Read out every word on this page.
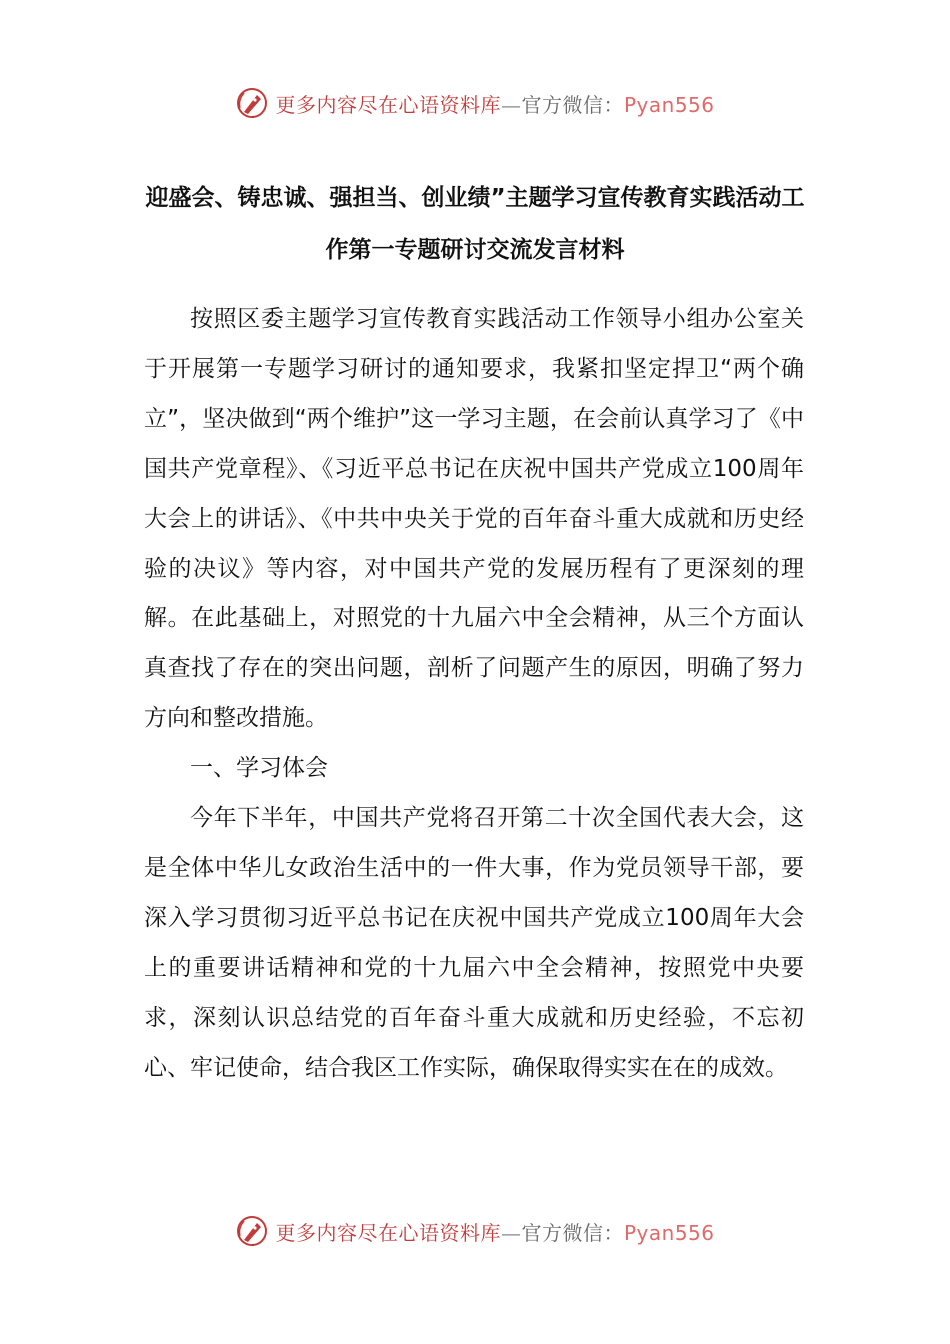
更多内容尽在心语资料库—官方微信：Pyan556
迎盛会、铸忠诚、强担当、创业绩”主题学习宣传教育实践活动工作第一专题研讨交流发言材料

按照区委主题学习宣传教育实践活动工作领导小组办公室关于开展第一专题学习研讨的通知要求，我紧扣坚定捍卫“两个确立”，坚决做到“两个维护”这一学习主题，在会前认真学习了《中国共产党章程》、《习近平总书记在庆祝中国共产党成立100周年大会上的讲话》、《中共中央关于党的百年奋斗重大成就和历史经验的决议》等内容，对中国共产党的发展历程有了更深刻的理解。在此基础上，对照党的十九届六中全会精神，从三个方面认真查找了存在的突出问题，剖析了问题产生的原因，明确了努力方向和整改措施。

一、学习体会

今年下半年，中国共产党将召开第二十次全国代表大会，这是全体中华儿女政治生活中的一件大事，作为党员领导干部，要深入学习贯彻习近平总书记在庆祝中国共产党成立100周年大会上的重要讲话精神和党的十九届六中全会精神，按照党中央要求，深刻认识总结党的百年奋斗重大成就和历史经验，不忘初心、牢记使命，结合我区工作实际，确保取得实实在在的成效。

更多内容尽在心语资料库—官方微信：Pyan556
